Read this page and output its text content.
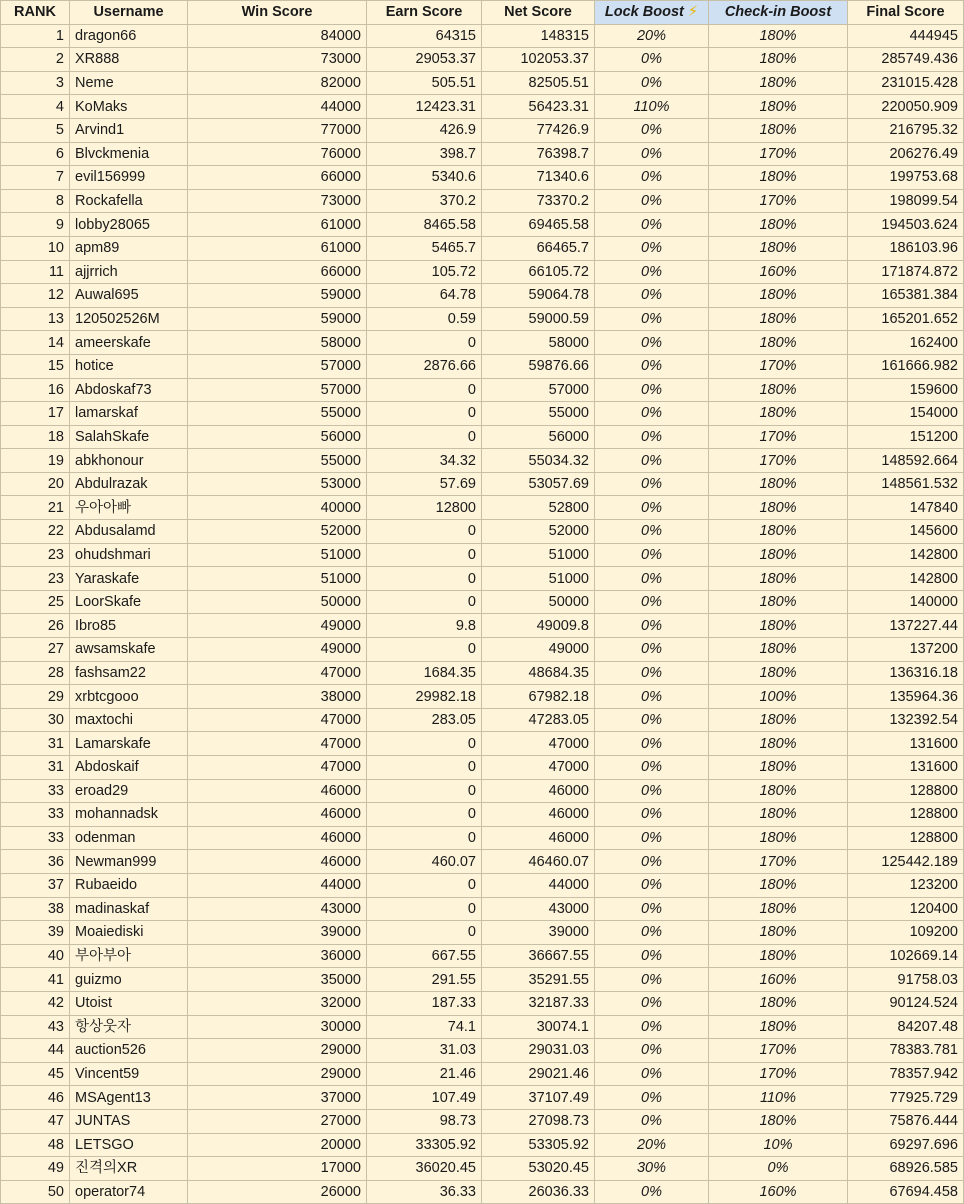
RANK	Username	Win Score	Earn Score	Net Score	Lock Boost ⚡	Check-in Boost	Final Score
1	dragon66	84000	64315	148315	20%	180%	444945
2	XR888	73000	29053.37	102053.37	0%	180%	285749.436
3	Neme	82000	505.51	82505.51	0%	180%	231015.428
4	KoMaks	44000	12423.31	56423.31	110%	180%	220050.909
5	Arvind1	77000	426.9	77426.9	0%	180%	216795.32
6	Blvckmenia	76000	398.7	76398.7	0%	170%	206276.49
7	evil156999	66000	5340.6	71340.6	0%	180%	199753.68
8	Rockafella	73000	370.2	73370.2	0%	170%	198099.54
9	lobby28065	61000	8465.58	69465.58	0%	180%	194503.624
10	apm89	61000	5465.7	66465.7	0%	180%	186103.96
11	ajjrrich	66000	105.72	66105.72	0%	160%	171874.872
12	Auwal695	59000	64.78	59064.78	0%	180%	165381.384
13	120502526M	59000	0.59	59000.59	0%	180%	165201.652
14	ameerskafe	58000	0	58000	0%	180%	162400
15	hotice	57000	2876.66	59876.66	0%	170%	161666.982
16	Abdoskaf73	57000	0	57000	0%	180%	159600
17	lamarskaf	55000	0	55000	0%	180%	154000
18	SalahSkafe	56000	0	56000	0%	170%	151200
19	abkhonour	55000	34.32	55034.32	0%	170%	148592.664
20	Abdulrazak	53000	57.69	53057.69	0%	180%	148561.532
21	우아아빠	40000	12800	52800	0%	180%	147840
22	Abdusalamd	52000	0	52000	0%	180%	145600
23	ohudshmari	51000	0	51000	0%	180%	142800
23	Yaraskafe	51000	0	51000	0%	180%	142800
25	LoorSkafe	50000	0	50000	0%	180%	140000
26	Ibro85	49000	9.8	49009.8	0%	180%	137227.44
27	awsamskafe	49000	0	49000	0%	180%	137200
28	fashsam22	47000	1684.35	48684.35	0%	180%	136316.18
29	xrbtcgooo	38000	29982.18	67982.18	0%	100%	135964.36
30	maxtochi	47000	283.05	47283.05	0%	180%	132392.54
31	Lamarskafe	47000	0	47000	0%	180%	131600
31	Abdoskaif	47000	0	47000	0%	180%	131600
33	eroad29	46000	0	46000	0%	180%	128800
33	mohannadsk	46000	0	46000	0%	180%	128800
33	odenman	46000	0	46000	0%	180%	128800
36	Newman999	46000	460.07	46460.07	0%	170%	125442.189
37	Rubaeido	44000	0	44000	0%	180%	123200
38	madinaskaf	43000	0	43000	0%	180%	120400
39	Moaiediski	39000	0	39000	0%	180%	109200
40	부아부아	36000	667.55	36667.55	0%	180%	102669.14
41	guizmo	35000	291.55	35291.55	0%	160%	91758.03
42	Utoist	32000	187.33	32187.33	0%	180%	90124.524
43	항상웃자	30000	74.1	30074.1	0%	180%	84207.48
44	auction526	29000	31.03	29031.03	0%	170%	78383.781
45	Vincent59	29000	21.46	29021.46	0%	170%	78357.942
46	MSAgent13	37000	107.49	37107.49	0%	110%	77925.729
47	JUNTAS	27000	98.73	27098.73	0%	180%	75876.444
48	LETSGO	20000	33305.92	53305.92	20%	10%	69297.696
49	진격의XR	17000	36020.45	53020.45	30%	0%	68926.585
50	operator74	26000	36.33	26036.33	0%	160%	67694.458
